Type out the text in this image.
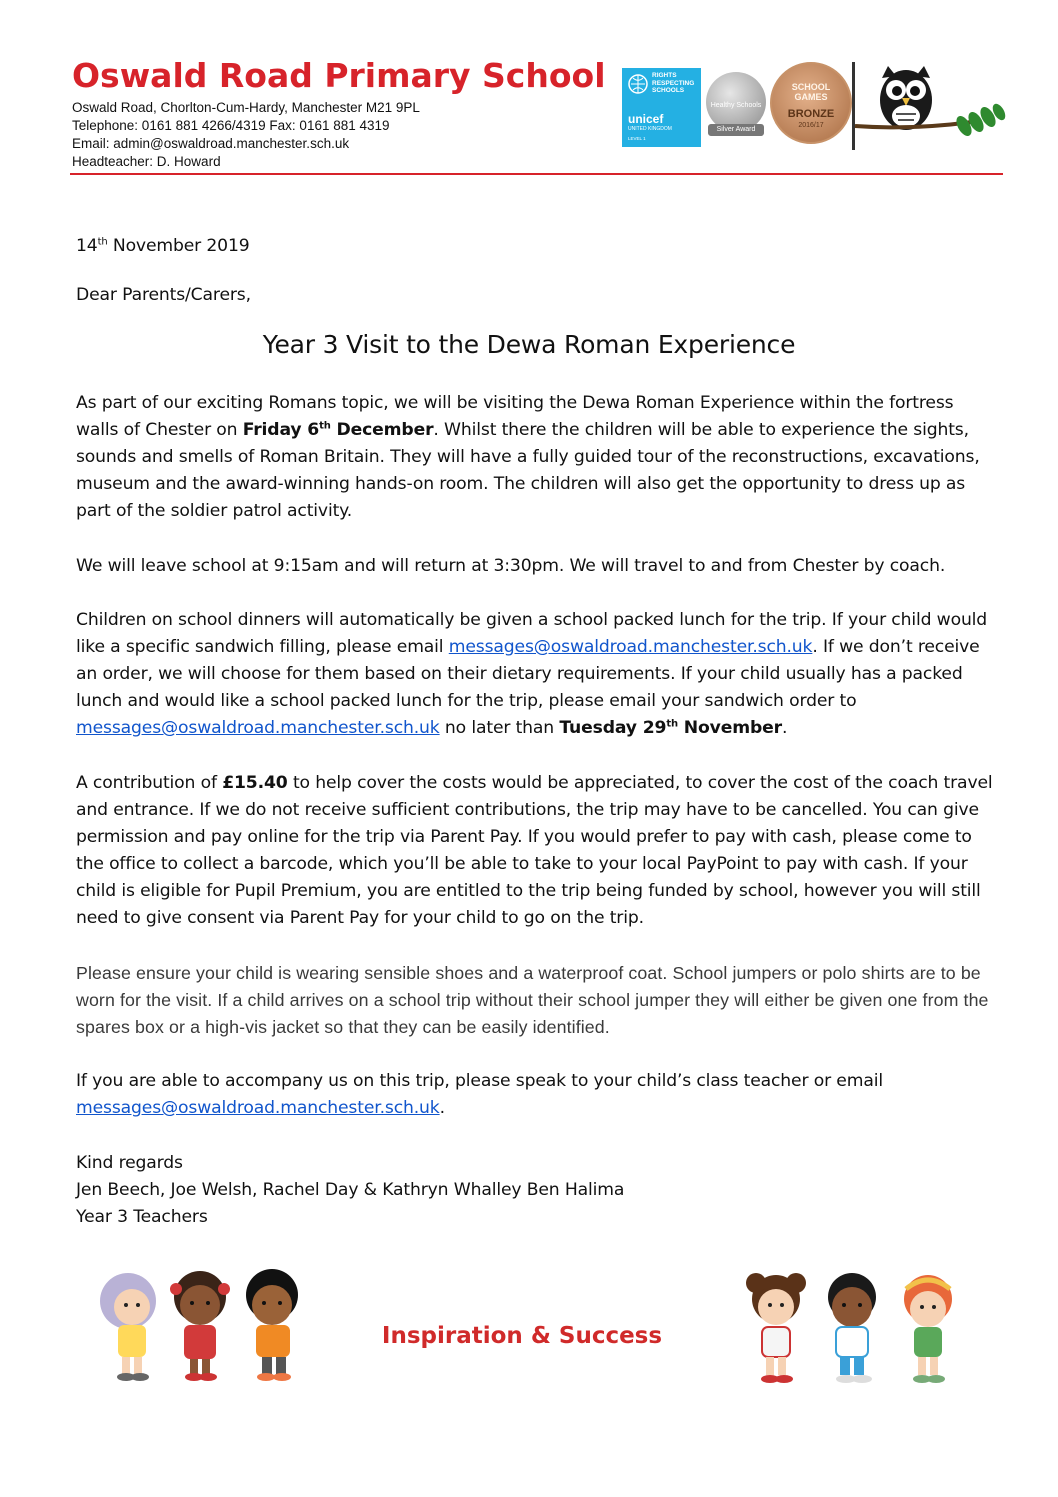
Oswald Road Primary School
Oswald Road, Chorlton-Cum-Hardy, Manchester M21 9PL
Telephone: 0161 881 4266/4319 Fax: 0161 881 4319
Email: admin@oswaldroad.manchester.sch.uk
Headteacher: D. Howard
RIGHTS RESPECTING SCHOOLS
unicef
UNITED KINGDOM
LEVEL 1
Healthy Schools
Silver Award
SCHOOL GAMES
BRONZE
2016/17

14th November 2019

Dear Parents/Carers,

Year 3 Visit to the Dewa Roman Experience

As part of our exciting Romans topic, we will be visiting the Dewa Roman Experience within the fortress walls of Chester on Friday 6th December. Whilst there the children will be able to experience the sights, sounds and smells of Roman Britain. They will have a fully guided tour of the reconstructions, excavations, museum and the award-winning hands-on room. The children will also get the opportunity to dress up as part of the soldier patrol activity.

We will leave school at 9:15am and will return at 3:30pm. We will travel to and from Chester by coach.

Children on school dinners will automatically be given a school packed lunch for the trip. If your child would like a specific sandwich filling, please email messages@oswaldroad.manchester.sch.uk. If we don’t receive an order, we will choose for them based on their dietary requirements. If your child usually has a packed lunch and would like a school packed lunch for the trip, please email your sandwich order to messages@oswaldroad.manchester.sch.uk no later than Tuesday 29th November.

A contribution of £15.40 to help cover the costs would be appreciated, to cover the cost of the coach travel and entrance. If we do not receive sufficient contributions, the trip may have to be cancelled. You can give permission and pay online for the trip via Parent Pay. If you would prefer to pay with cash, please come to the office to collect a barcode, which you’ll be able to take to your local PayPoint to pay with cash. If your child is eligible for Pupil Premium, you are entitled to the trip being funded by school, however you will still need to give consent via Parent Pay for your child to go on the trip.

Please ensure your child is wearing sensible shoes and a waterproof coat. School jumpers or polo shirts are to be worn for the visit. If a child arrives on a school trip without their school jumper they will either be given one from the spares box or a high-vis jacket so that they can be easily identified.

If you are able to accompany us on this trip, please speak to your child’s class teacher or email messages@oswaldroad.manchester.sch.uk.

Kind regards
Jen Beech, Joe Welsh, Rachel Day & Kathryn Whalley Ben Halima
Year 3 Teachers
Inspiration & Success
